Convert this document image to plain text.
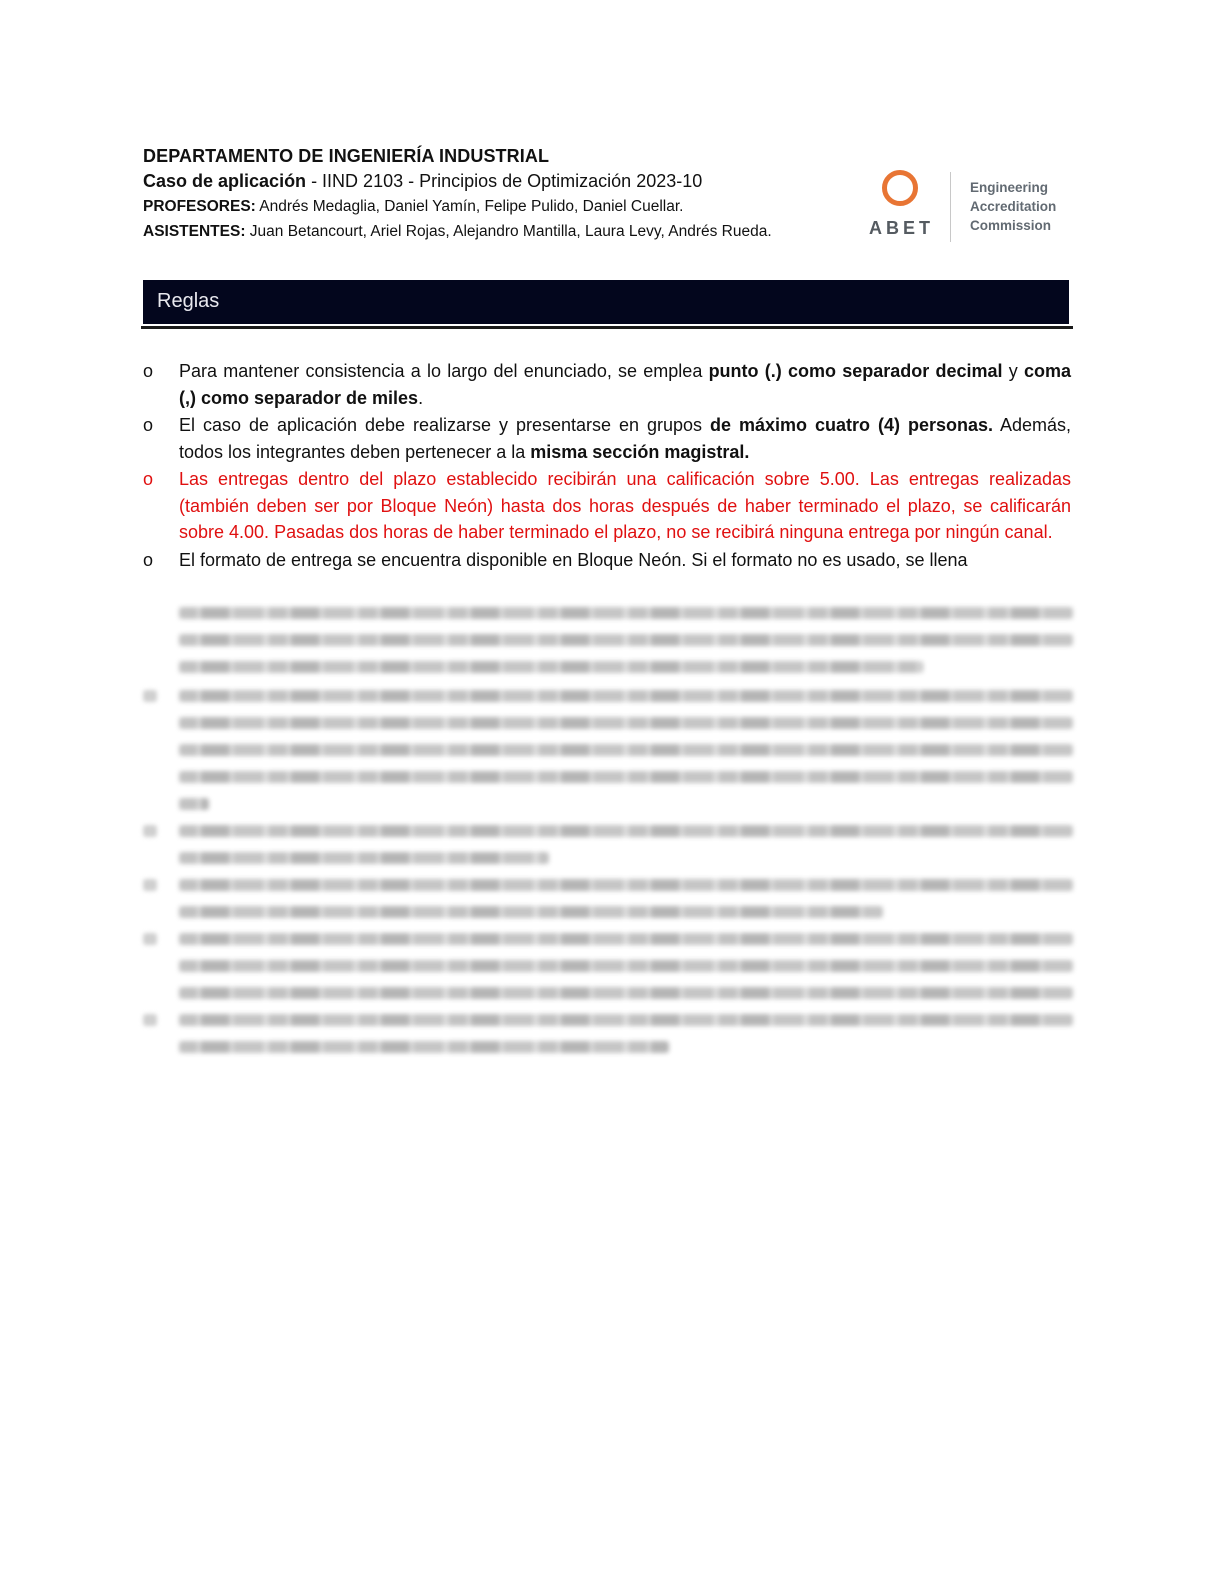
DEPARTAMENTO DE INGENIERÍA INDUSTRIAL
Caso de aplicación - IIND 2103 - Principios de Optimización 2023-10
PROFESORES: Andrés Medaglia, Daniel Yamín, Felipe Pulido, Daniel Cuellar.
ASISTENTES: Juan Betancourt, Ariel Rojas, Alejandro Mantilla, Laura Levy, Andrés Rueda.	ABET
Engineering
Accreditation
Commission
Reglas
o Para mantener consistencia a lo largo del enunciado, se emplea punto (.) como separador decimal y coma (,) como separador de miles.
o El caso de aplicación debe realizarse y presentarse en grupos de máximo cuatro (4) personas. Además, todos los integrantes deben pertenecer a la misma sección magistral.
o Las entregas dentro del plazo establecido recibirán una calificación sobre 5.00. Las entregas realizadas (también deben ser por Bloque Neón) hasta dos horas después de haber terminado el plazo, se calificarán sobre 4.00. Pasadas dos horas de haber terminado el plazo, no se recibirá ninguna entrega por ningún canal.
o El formato de entrega se encuentra disponible en Bloque Neón. Si el formato no es usado, se llena
